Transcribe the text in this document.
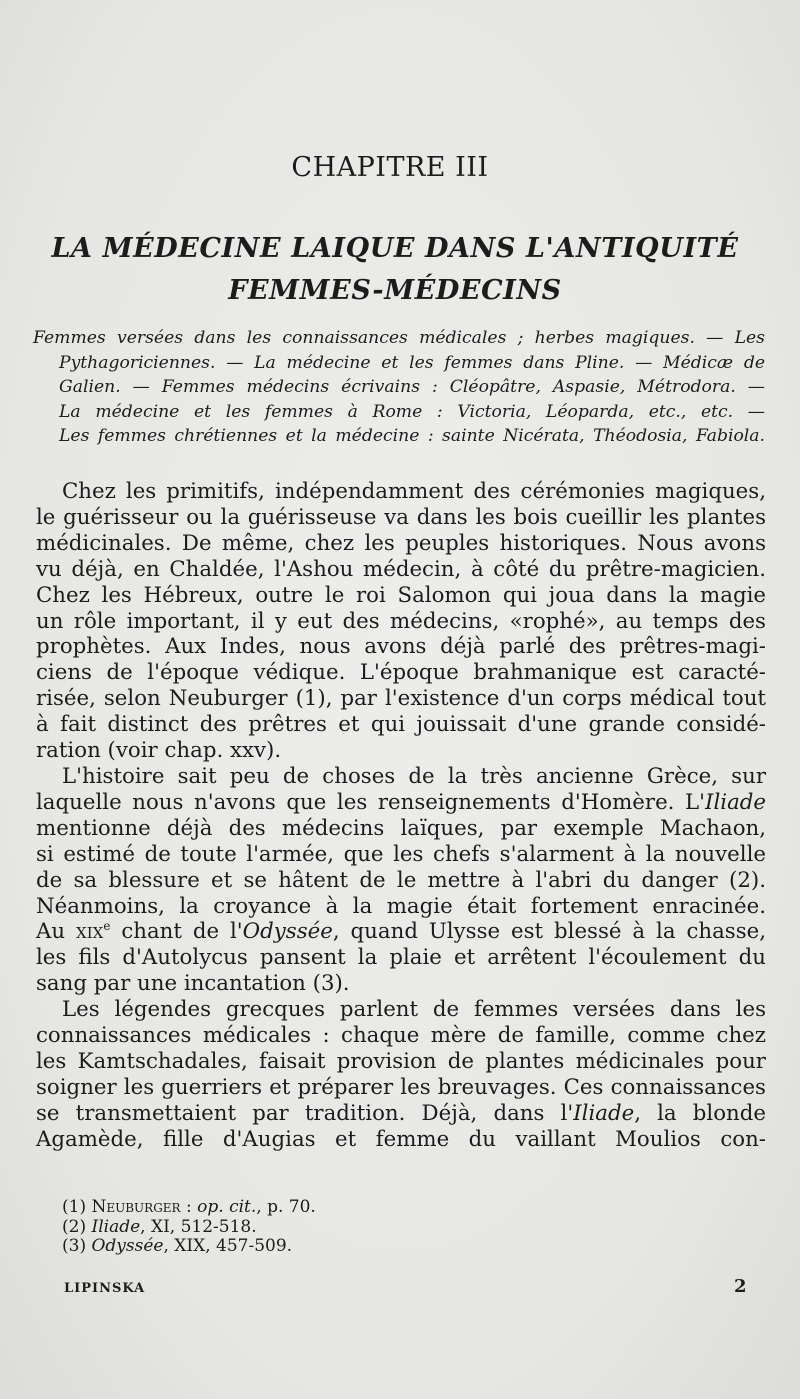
CHAPITRE III
LA MÉDECINE LAIQUE DANS L'ANTIQUITÉ
FEMMES-MÉDECINS
Femmes versées dans les connaissances médicales ; herbes magiques. — Les
Pythagoriciennes. — La médecine et les femmes dans Pline. — Médicæ de
Galien. — Femmes médecins écrivains : Cléopâtre, Aspasie, Métrodora. —
La médecine et les femmes à Rome : Victoria, Léoparda, etc., etc. —
Les femmes chrétiennes et la médecine : sainte Nicérata, Théodosia, Fabiola.
Chez les primitifs, indépendamment des cérémonies magiques,
le guérisseur ou la guérisseuse va dans les bois cueillir les plantes
médicinales. De même, chez les peuples historiques. Nous avons
vu déjà, en Chaldée, l'Ashou médecin, à côté du prêtre-magicien.
Chez les Hébreux, outre le roi Salomon qui joua dans la magie
un rôle important, il y eut des médecins, «rophé», au temps des
prophètes. Aux Indes, nous avons déjà parlé des prêtres-magi-
ciens de l'époque védique. L'époque brahmanique est caracté-
risée, selon Neuburger (1), par l'existence d'un corps médical tout
à fait distinct des prêtres et qui jouissait d'une grande considé-
ration (voir chap. xxv).
L'histoire sait peu de choses de la très ancienne Grèce, sur
laquelle nous n'avons que les renseignements d'Homère. L'Iliade
mentionne déjà des médecins laïques, par exemple Machaon,
si estimé de toute l'armée, que les chefs s'alarment à la nouvelle
de sa blessure et se hâtent de le mettre à l'abri du danger (2).
Néanmoins, la croyance à la magie était fortement enracinée.
Au xix$^e$ chant de l'Odyssée, quand Ulysse est blessé à la chasse,
les fils d'Autolycus pansent la plaie et arrêtent l'écoulement du
sang par une incantation (3).
Les légendes grecques parlent de femmes versées dans les
connaissances médicales : chaque mère de famille, comme chez
les Kamtschadales, faisait provision de plantes médicinales pour
soigner les guerriers et préparer les breuvages. Ces connaissances
se transmettaient par tradition. Déjà, dans l'Iliade, la blonde
Agamède, fille d'Augias et femme du vaillant Moulios con-
(1) Neuburger : op. cit., p. 70.
(2) Iliade, XI, 512-518.
(3) Odyssée, XIX, 457-509.
LIPINSKA	2
